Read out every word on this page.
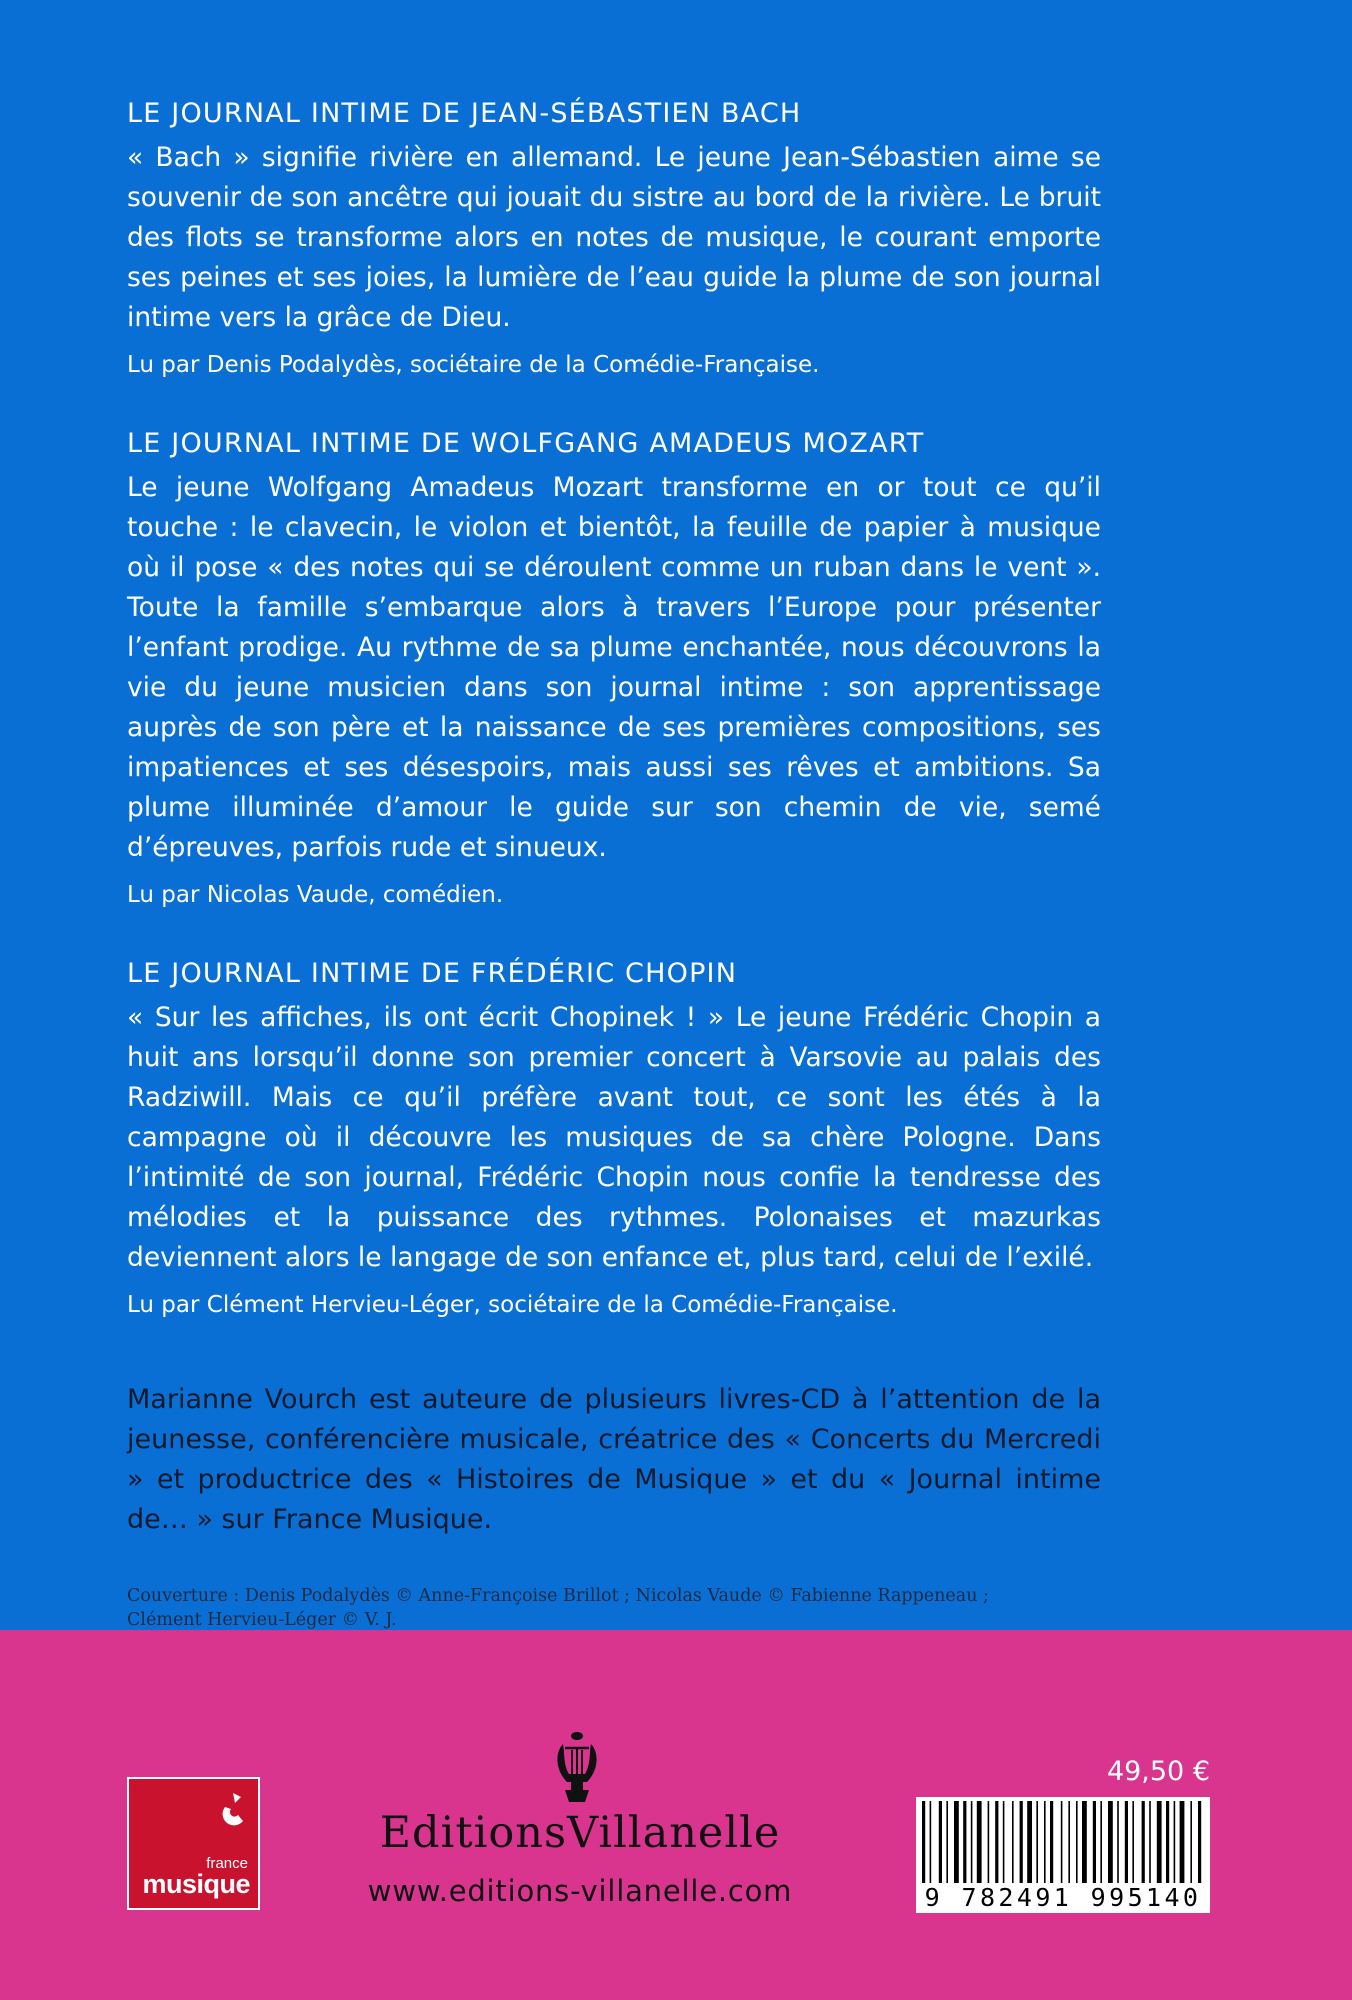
LE JOURNAL INTIME DE JEAN-SÉBASTIEN BACH

« Bach » signifie rivière en allemand. Le jeune Jean-Sébastien aime se souvenir de son ancêtre qui jouait du sistre au bord de la rivière. Le bruit des flots se transforme alors en notes de musique, le courant emporte ses peines et ses joies, la lumière de l’eau guide la plume de son journal intime vers la grâce de Dieu.

Lu par Denis Podalydès, sociétaire de la Comédie-Française.
LE JOURNAL INTIME DE WOLFGANG AMADEUS MOZART

Le jeune Wolfgang Amadeus Mozart transforme en or tout ce qu’il touche : le clavecin, le violon et bientôt, la feuille de papier à musique où il pose « des notes qui se déroulent comme un ruban dans le vent ». Toute la famille s’embarque alors à travers l’Europe pour présenter l’enfant prodige. Au rythme de sa plume enchantée, nous découvrons la vie du jeune musicien dans son journal intime : son apprentissage auprès de son père et la naissance de ses premières compositions, ses impatiences et ses désespoirs, mais aussi ses rêves et ambitions. Sa plume illuminée d’amour le guide sur son chemin de vie, semé d’épreuves, parfois rude et sinueux.

Lu par Nicolas Vaude, comédien.
LE JOURNAL INTIME DE FRÉDÉRIC CHOPIN

« Sur les affiches, ils ont écrit Chopinek ! » Le jeune Frédéric Chopin a huit ans lorsqu’il donne son premier concert à Varsovie au palais des Radziwill. Mais ce qu’il préfère avant tout, ce sont les étés à la campagne où il découvre les musiques de sa chère Pologne. Dans l’intimité de son journal, Frédéric Chopin nous confie la tendresse des mélodies et la puissance des rythmes. Polonaises et mazurkas deviennent alors le langage de son enfance et, plus tard, celui de l’exilé.

Lu par Clément Hervieu-Léger, sociétaire de la Comédie-Française.

Marianne Vourch est auteure de plusieurs livres-CD à l’attention de la jeunesse, conférencière musicale, créatrice des « Concerts du Mercredi » et productrice des « Histoires de Musique » et du « Journal intime de… » sur France Musique.

Couverture : Denis Podalydès © Anne-Françoise Brillot ; Nicolas Vaude © Fabienne Rappeneau ;
Clément Hervieu-Léger © V. J.
france
musique
EditionsVillanelle
www.editions-villanelle.com
49,50 €
9 782491 995140
